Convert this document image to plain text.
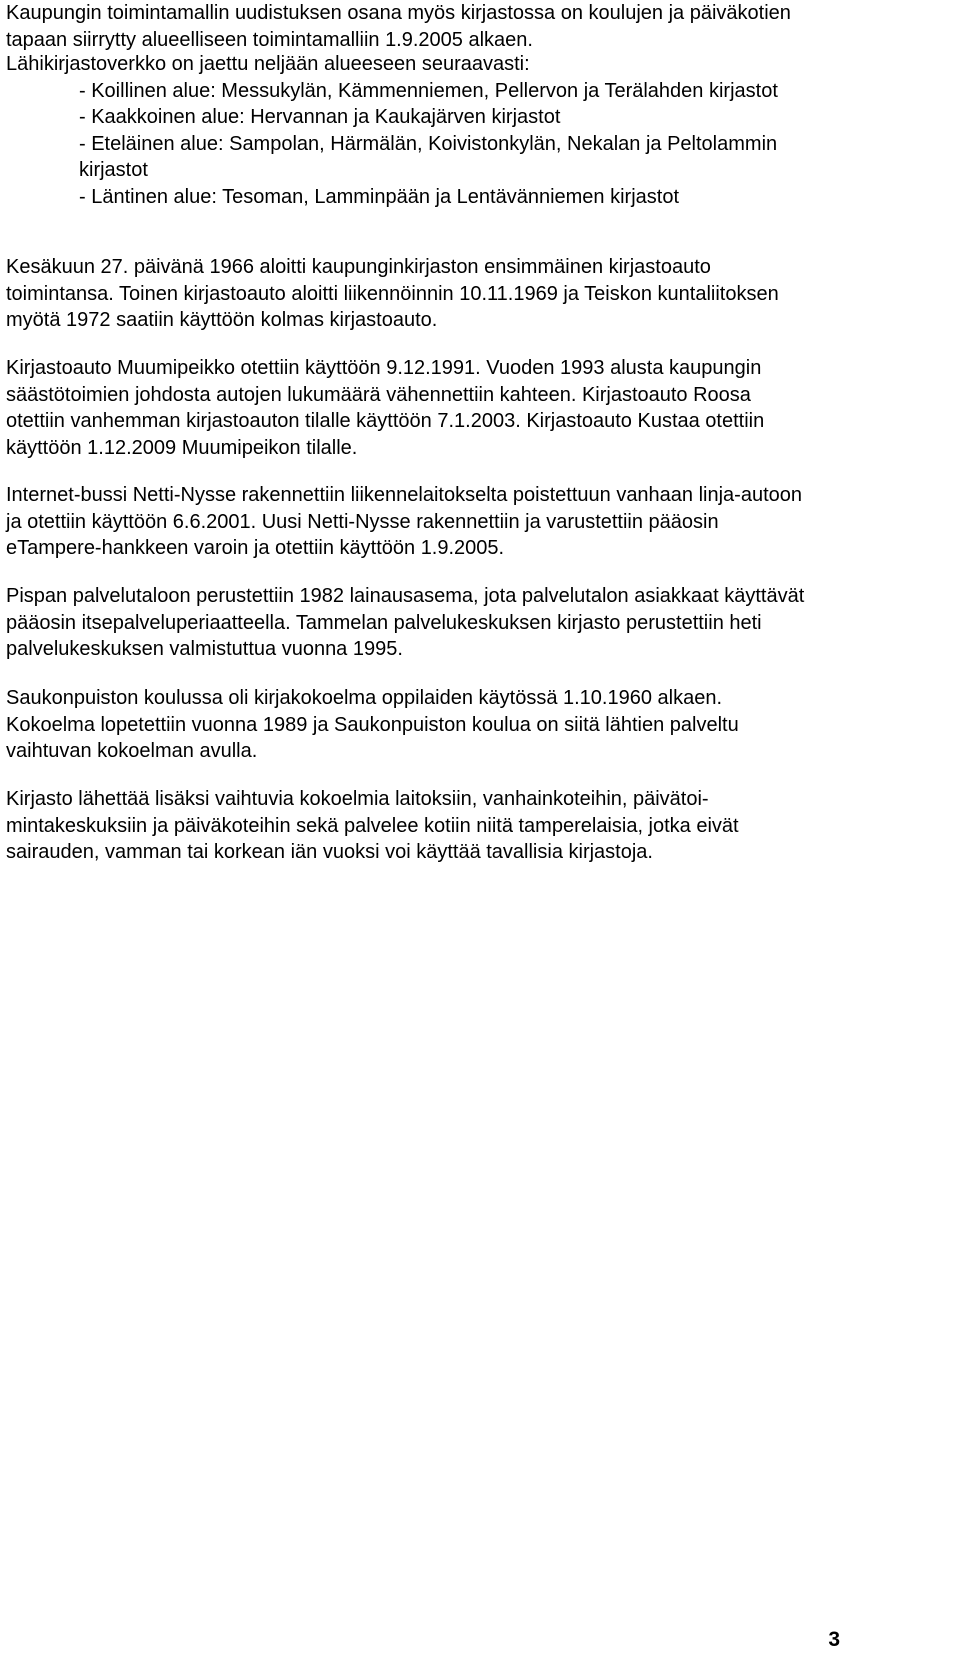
Kaupungin toimintamallin uudistuksen osana myös kirjastossa on koulujen ja päiväkotien
tapaan siirrytty alueelliseen toimintamalliin 1.9.2005 alkaen.

Lähikirjastoverkko on jaettu neljään alueeseen seuraavasti:
- Koillinen alue: Messukylän, Kämmenniemen, Pellervon ja Terälahden kirjastot
- Kaakkoinen alue: Hervannan ja Kaukajärven kirjastot
- Eteläinen alue: Sampolan, Härmälän, Koivistonkylän, Nekalan ja Peltolammin
kirjastot
- Läntinen alue: Tesoman, Lamminpään ja Lentävänniemen kirjastot

Kesäkuun 27. päivänä 1966 aloitti kaupunginkirjaston ensimmäinen kirjastoauto
toimintansa. Toinen kirjastoauto aloitti liikennöinnin 10.11.1969 ja Teiskon kuntaliitoksen
myötä 1972 saatiin käyttöön kolmas kirjastoauto.

Kirjastoauto Muumipeikko otettiin käyttöön 9.12.1991. Vuoden 1993 alusta kaupungin
säästötoimien johdosta autojen lukumäärä vähennettiin kahteen. Kirjastoauto Roosa
otettiin vanhemman kirjastoauton tilalle käyttöön 7.1.2003. Kirjastoauto Kustaa otettiin
käyttöön 1.12.2009 Muumipeikon tilalle.

Internet-bussi Netti-Nysse rakennettiin liikennelaitokselta poistettuun vanhaan linja-autoon
ja otettiin käyttöön 6.6.2001. Uusi Netti-Nysse rakennettiin ja varustettiin pääosin
eTampere-hankkeen varoin ja otettiin käyttöön 1.9.2005.

Pispan palvelutaloon perustettiin 1982 lainausasema, jota palvelutalon asiakkaat käyttävät
pääosin itsepalveluperiaatteella. Tammelan palvelukeskuksen kirjasto perustettiin heti
palvelukeskuksen valmistuttua vuonna 1995.

Saukonpuiston koulussa oli kirjakokoelma oppilaiden käytössä 1.10.1960 alkaen.
Kokoelma lopetettiin vuonna 1989 ja Saukonpuiston koulua on siitä lähtien palveltu
vaihtuvan kokoelman avulla.

Kirjasto lähettää lisäksi vaihtuvia kokoelmia laitoksiin, vanhainkoteihin, päivätoi-
mintakeskuksiin ja päiväkoteihin sekä palvelee kotiin niitä tamperelaisia, jotka eivät
sairauden, vamman tai korkean iän vuoksi voi käyttää tavallisia kirjastoja.

3
